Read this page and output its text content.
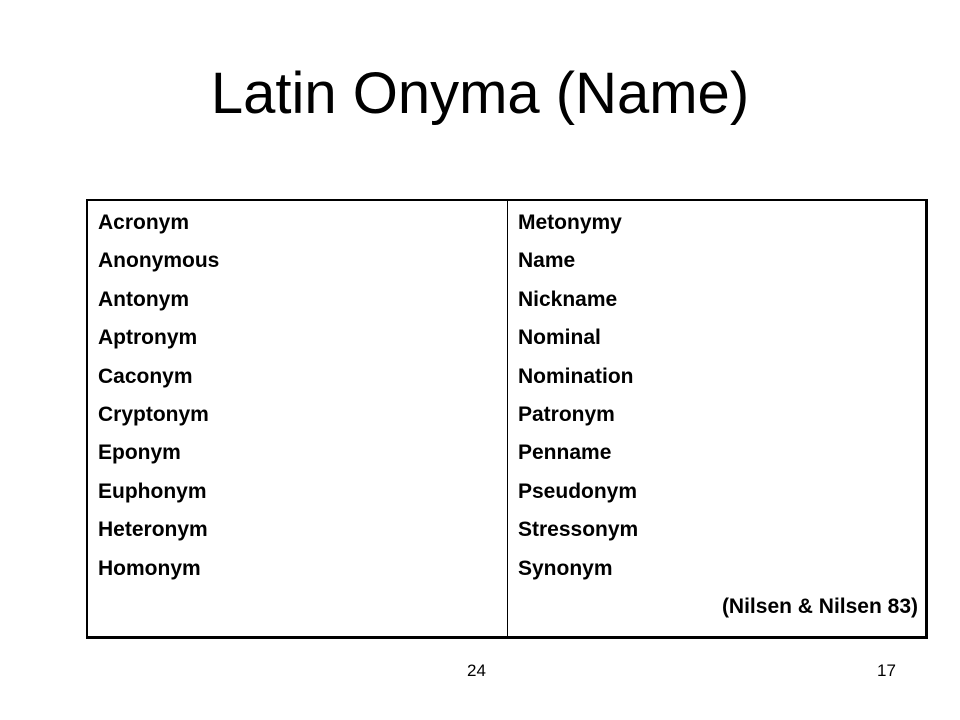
Latin Onyma (Name)
Acronym
Anonymous
Antonym
Aptronym
Caconym
Cryptonym
Eponym
Euphonym
Heteronym
Homonym
Metonymy
Name
Nickname
Nominal
Nomination
Patronym
Penname
Pseudonym
Stressonym
Synonym
(Nilsen & Nilsen 83)
24	17
